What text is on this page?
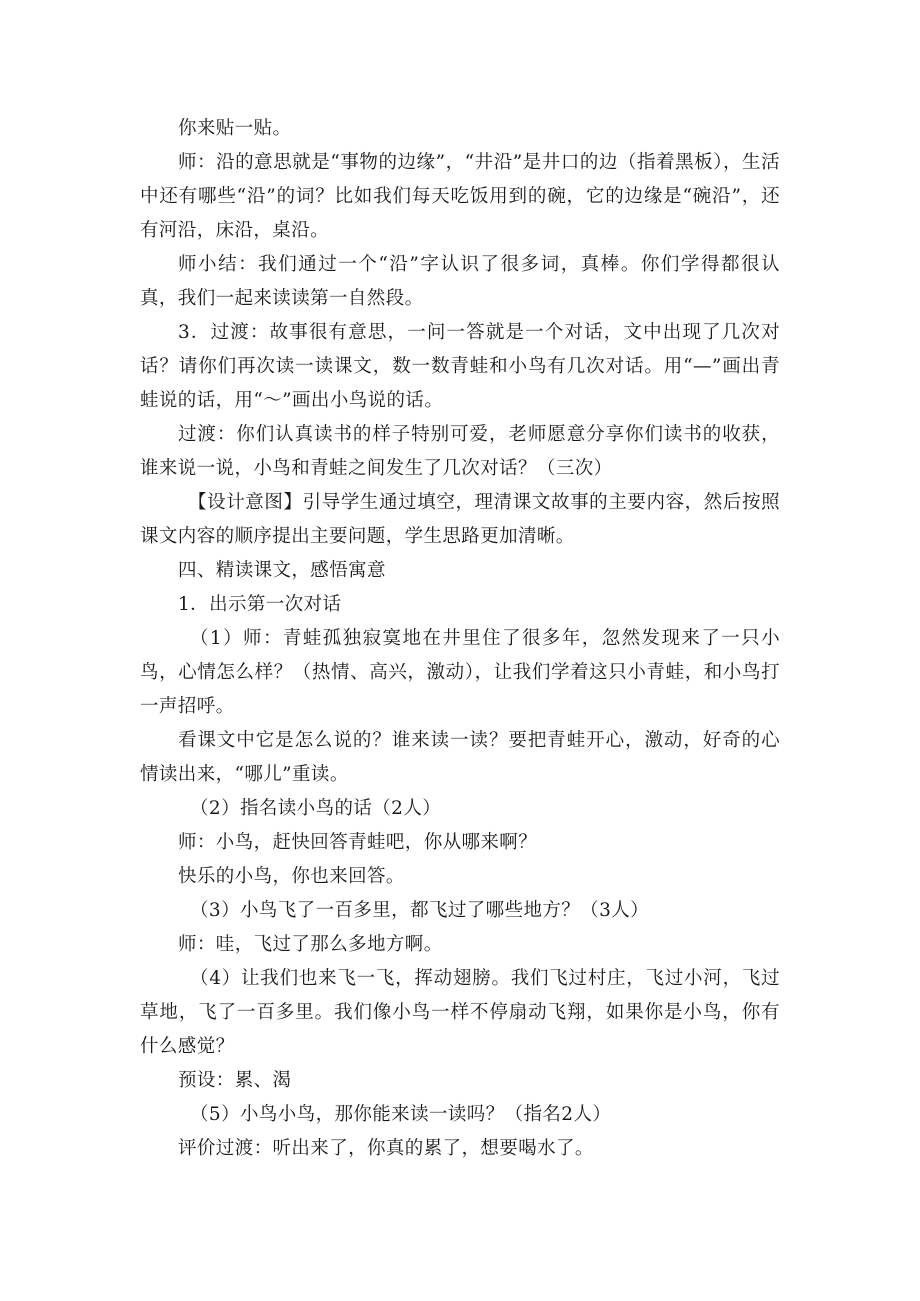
你来贴一贴。

师：沿的意思就是“事物的边缘”，“井沿”是井口的边（指着黑板），生活中还有哪些“沿”的词？比如我们每天吃饭用到的碗，它的边缘是“碗沿”，还有河沿，床沿，桌沿。

师小结：我们通过一个“沿”字认识了很多词，真棒。你们学得都很认真，我们一起来读读第一自然段。

3．过渡：故事很有意思，一问一答就是一个对话，文中出现了几次对话？请你们再次读一读课文，数一数青蛙和小鸟有几次对话。用“—”画出青蛙说的话，用“～”画出小鸟说的话。

过渡：你们认真读书的样子特别可爱，老师愿意分享你们读书的收获，谁来说一说，小鸟和青蛙之间发生了几次对话？（三次）

【设计意图】引导学生通过填空，理清课文故事的主要内容，然后按照课文内容的顺序提出主要问题，学生思路更加清晰。

四、精读课文，感悟寓意

1．出示第一次对话

（1）师：青蛙孤独寂寞地在井里住了很多年，忽然发现来了一只小鸟，心情怎么样？（热情、高兴，激动），让我们学着这只小青蛙，和小鸟打一声招呼。

看课文中它是怎么说的？谁来读一读？要把青蛙开心，激动，好奇的心情读出来，“哪儿”重读。

（2）指名读小鸟的话（2人）

师：小鸟，赶快回答青蛙吧，你从哪来啊？

快乐的小鸟，你也来回答。

（3）小鸟飞了一百多里，都飞过了哪些地方？（3人）

师：哇，飞过了那么多地方啊。

（4）让我们也来飞一飞，挥动翅膀。我们飞过村庄，飞过小河，飞过草地，飞了一百多里。我们像小鸟一样不停扇动飞翔，如果你是小鸟，你有什么感觉？

预设：累、渴

（5）小鸟小鸟，那你能来读一读吗？（指名2人）

评价过渡：听出来了，你真的累了，想要喝水了。
